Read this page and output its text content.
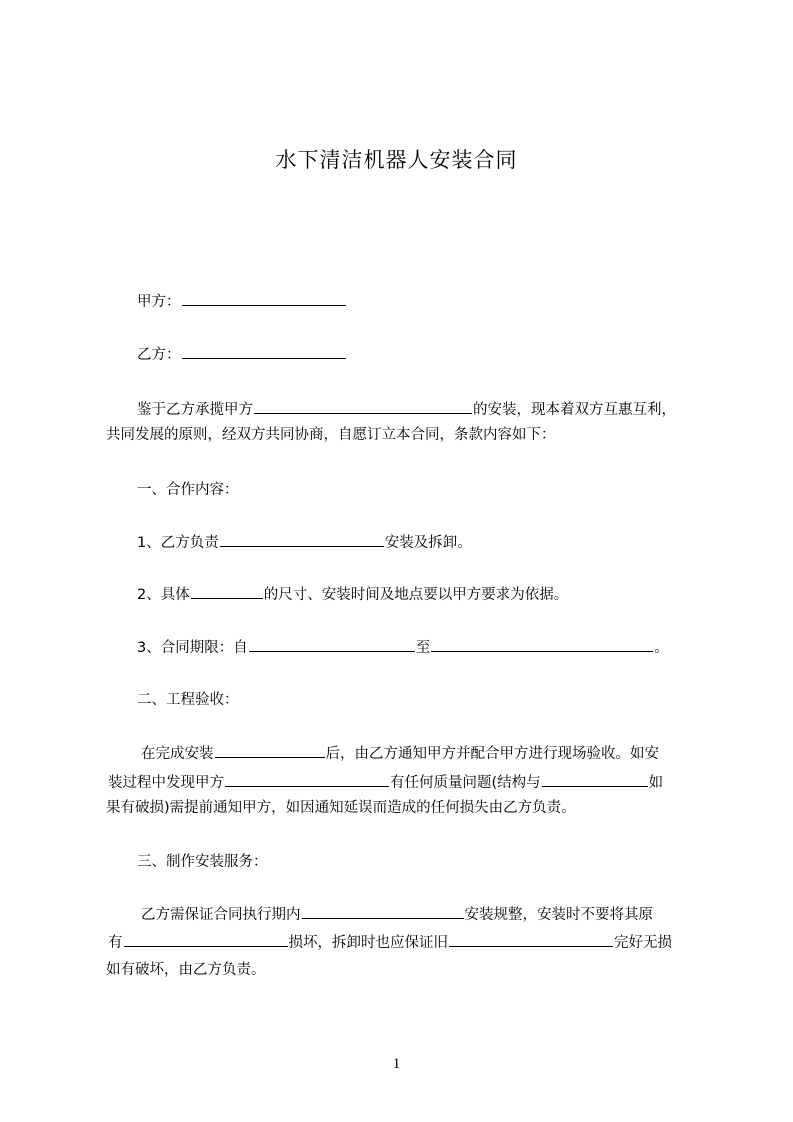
水下清洁机器人安装合同
甲方：
乙方：
鉴于乙方承揽甲方	的安装，现本着双方互惠互利，
共同发展的原则，经双方共同协商，自愿订立本合同，条款内容如下：
一、合作内容：
1、乙方负责	安装及拆卸。
2、具体	的尺寸、安装时间及地点要以甲方要求为依据。
3、合同期限：自	至	。
二、工程验收：
在完成安装	后，由乙方通知甲方并配合甲方进行现场验收。如安
装过程中发现甲方	有任何质量问题(结构与	如
果有破损)需提前通知甲方，如因通知延误而造成的任何损失由乙方负责。
三、制作安装服务：
乙方需保证合同执行期内	安装规整，安装时不要将其原
有	损坏，拆卸时也应保证旧	完好无损
如有破坏，由乙方负责。
1
